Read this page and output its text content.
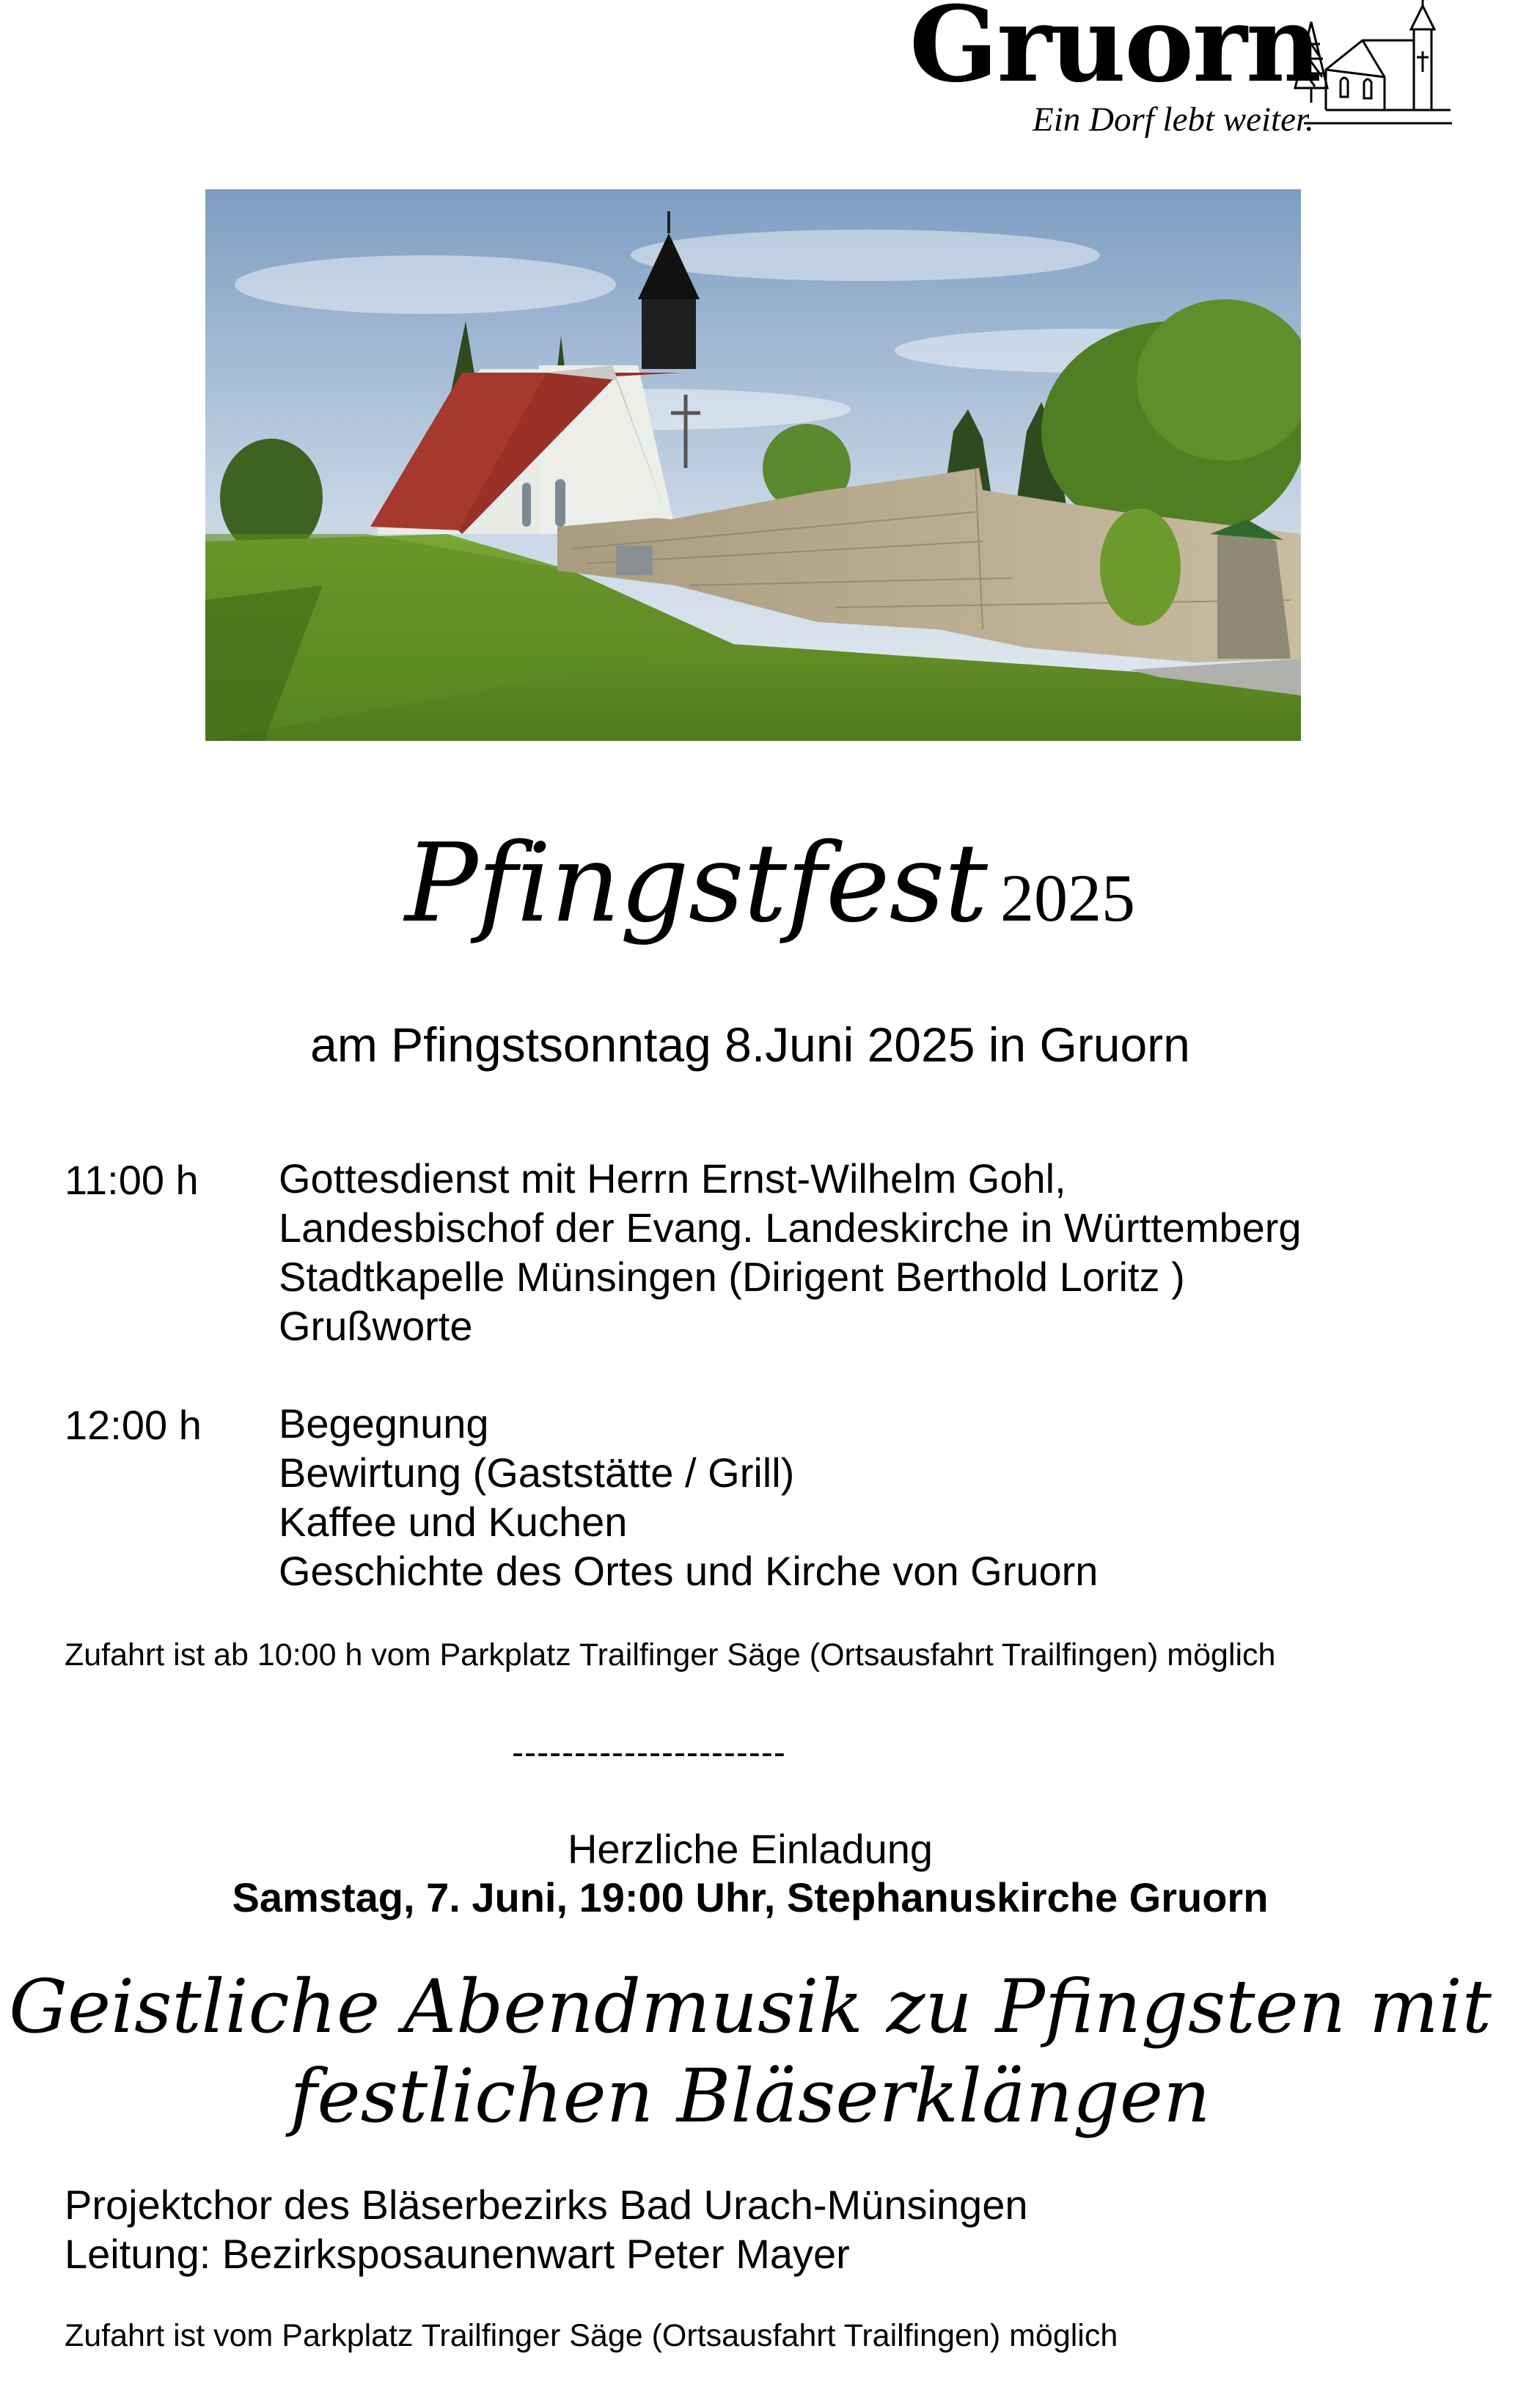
Gruorn
Ein Dorf lebt weiter.
Pfingstfest 2025
am Pfingstsonntag 8.Juni 2025 in Gruorn
11:00 h Gottesdienst mit Herrn Ernst-Wilhelm Gohl,
Landesbischof der Evang. Landeskirche in Württemberg
Stadtkapelle Münsingen (Dirigent Berthold Loritz )
Grußworte
12:00 h Begegnung
Bewirtung (Gaststätte / Grill)
Kaffee und Kuchen
Geschichte des Ortes und Kirche von Gruorn
Zufahrt ist ab 10:00 h vom Parkplatz Trailfinger Säge (Ortsausfahrt Trailfingen) möglich
----------------------
Herzliche Einladung
Samstag, 7. Juni, 19:00 Uhr, Stephanuskirche Gruorn
Geistliche Abendmusik zu Pfingsten mit
festlichen Bläserklängen
Projektchor des Bläserbezirks Bad Urach-Münsingen
Leitung: Bezirksposaunenwart Peter Mayer
Zufahrt ist vom Parkplatz Trailfinger Säge (Ortsausfahrt Trailfingen) möglich
